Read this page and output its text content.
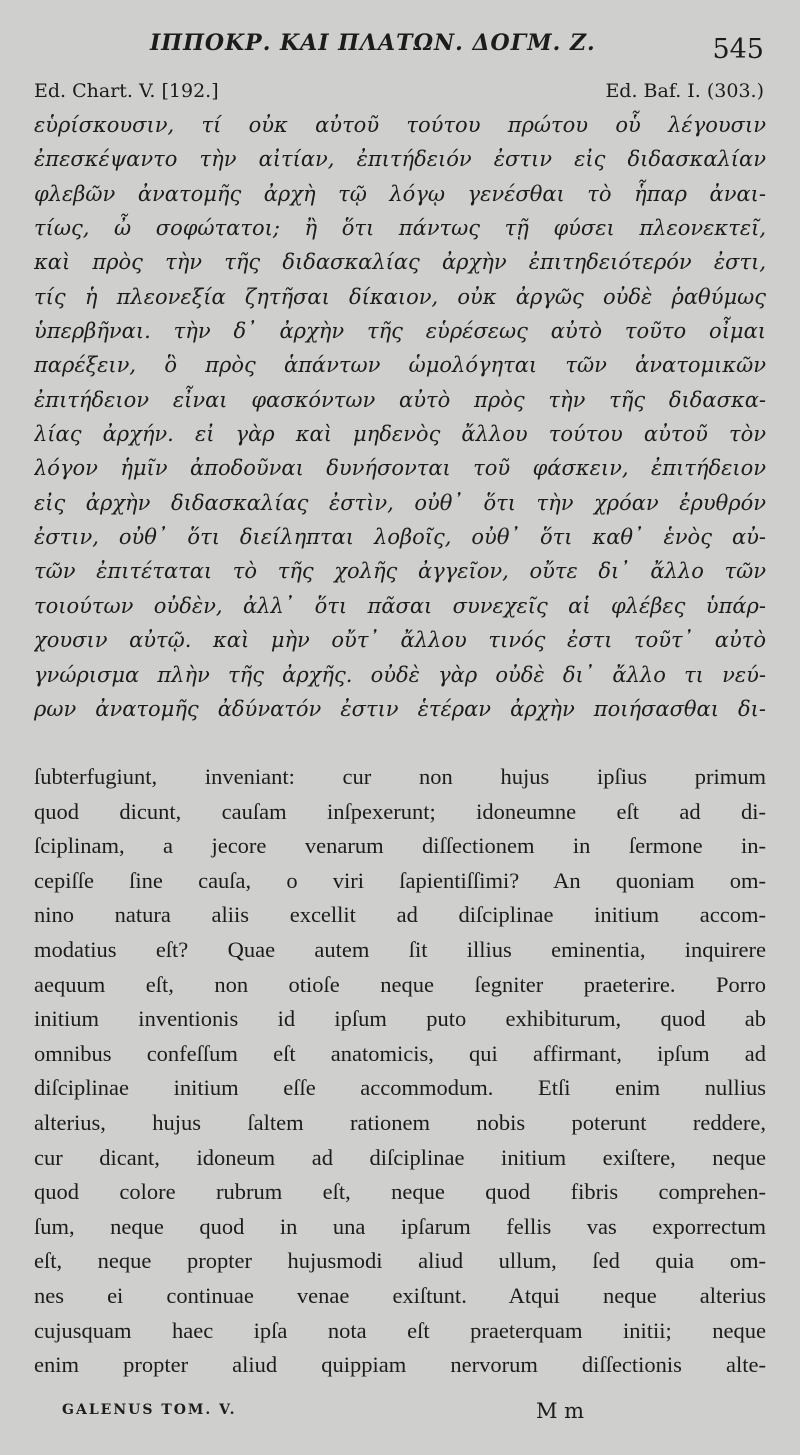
ΙΠΠΟΚΡ. ΚΑΙ ΠΛΑΤΩΝ. ΔΟΓΜ. Ζ.	545
Ed. Chart. V. [192.]	Ed. Baf. I. (303.)
εὑρίσκουσιν, τί οὐκ αὐτοῦ τούτου πρώτου οὗ λέγουσιν
ἐπεσκέψαντο τὴν αἰτίαν, ἐπιτήδειόν ἐστιν εἰς διδασκαλίαν
φλεβῶν ἀνατομῆς ἀρχὴ τῷ λόγῳ γενέσθαι τὸ ἧπαρ ἀναι-
τίως, ὦ σοφώτατοι; ἢ ὅτι πάντως τῇ φύσει πλεονεκτεῖ,
καὶ πρὸς τὴν τῆς διδασκαλίας ἀρχὴν ἐπιτηδειότερόν ἐστι,
τίς ἡ πλεονεξία ζητῆσαι δίκαιον, οὐκ ἀργῶς οὐδὲ ῥαθύμως
ὑπερβῆναι. τὴν δ᾽ ἀρχὴν τῆς εὑρέσεως αὐτὸ τοῦτο οἶμαι
παρέξειν, ὃ πρὸς ἁπάντων ὡμολόγηται τῶν ἀνατομικῶν
ἐπιτήδειον εἶναι φασκόντων αὐτὸ πρὸς τὴν τῆς διδασκα-
λίας ἀρχήν. εἰ γὰρ καὶ μηδενὸς ἄλλου τούτου αὐτοῦ τὸν
λόγον ἡμῖν ἀποδοῦναι δυνήσονται τοῦ φάσκειν, ἐπιτήδειον
εἰς ἀρχὴν διδασκαλίας ἐστὶν, οὐθ᾽ ὅτι τὴν χρόαν ἐρυθρόν
ἐστιν, οὐθ᾽ ὅτι διείληπται λοβοῖς, οὐθ᾽ ὅτι καθ᾽ ἑνὸς αὐ-
τῶν ἐπιτέταται τὸ τῆς χολῆς ἀγγεῖον, οὔτε δι᾽ ἄλλο τῶν
τοιούτων οὐδὲν, ἀλλ᾽ ὅτι πᾶσαι συνεχεῖς αἱ φλέβες ὑπάρ-
χουσιν αὐτῷ. καὶ μὴν οὔτ᾽ ἄλλου τινός ἐστι τοῦτ᾽ αὐτὸ
γνώρισμα πλὴν τῆς ἀρχῆς. οὐδὲ γὰρ οὐδὲ δι᾽ ἄλλο τι νεύ-
ρων ἀνατομῆς ἀδύνατόν ἐστιν ἑτέραν ἀρχὴν ποιήσασθαι δι-
ſubterfugiunt, inveniant: cur non hujus ipſius primum
quod dicunt, cauſam inſpexerunt; idoneumne eſt ad di-
ſciplinam, a jecore venarum diſſectionem in ſermone in-
cepiſſe ſine cauſa, o viri ſapientiſſimi? An quoniam om-
nino natura aliis excellit ad diſciplinae initium accom-
modatius eſt? Quae autem ſit illius eminentia, inquirere
aequum eſt, non otioſe neque ſegniter praeterire. Porro
initium inventionis id ipſum puto exhibiturum, quod ab
omnibus confeſſum eſt anatomicis, qui affirmant, ipſum ad
diſciplinae initium eſſe accommodum. Etſi enim nullius
alterius, hujus ſaltem rationem nobis poterunt reddere,
cur dicant, idoneum ad diſciplinae initium exiſtere, neque
quod colore rubrum eſt, neque quod fibris comprehen-
ſum, neque quod in una ipſarum fellis vas exporrectum
eſt, neque propter hujusmodi aliud ullum, ſed quia om-
nes ei continuae venae exiſtunt. Atqui neque alterius
cujusquam haec ipſa nota eſt praeterquam initii; neque
enim propter aliud quippiam nervorum diſſectionis alte-
GALENUS TOM. V.	M m
